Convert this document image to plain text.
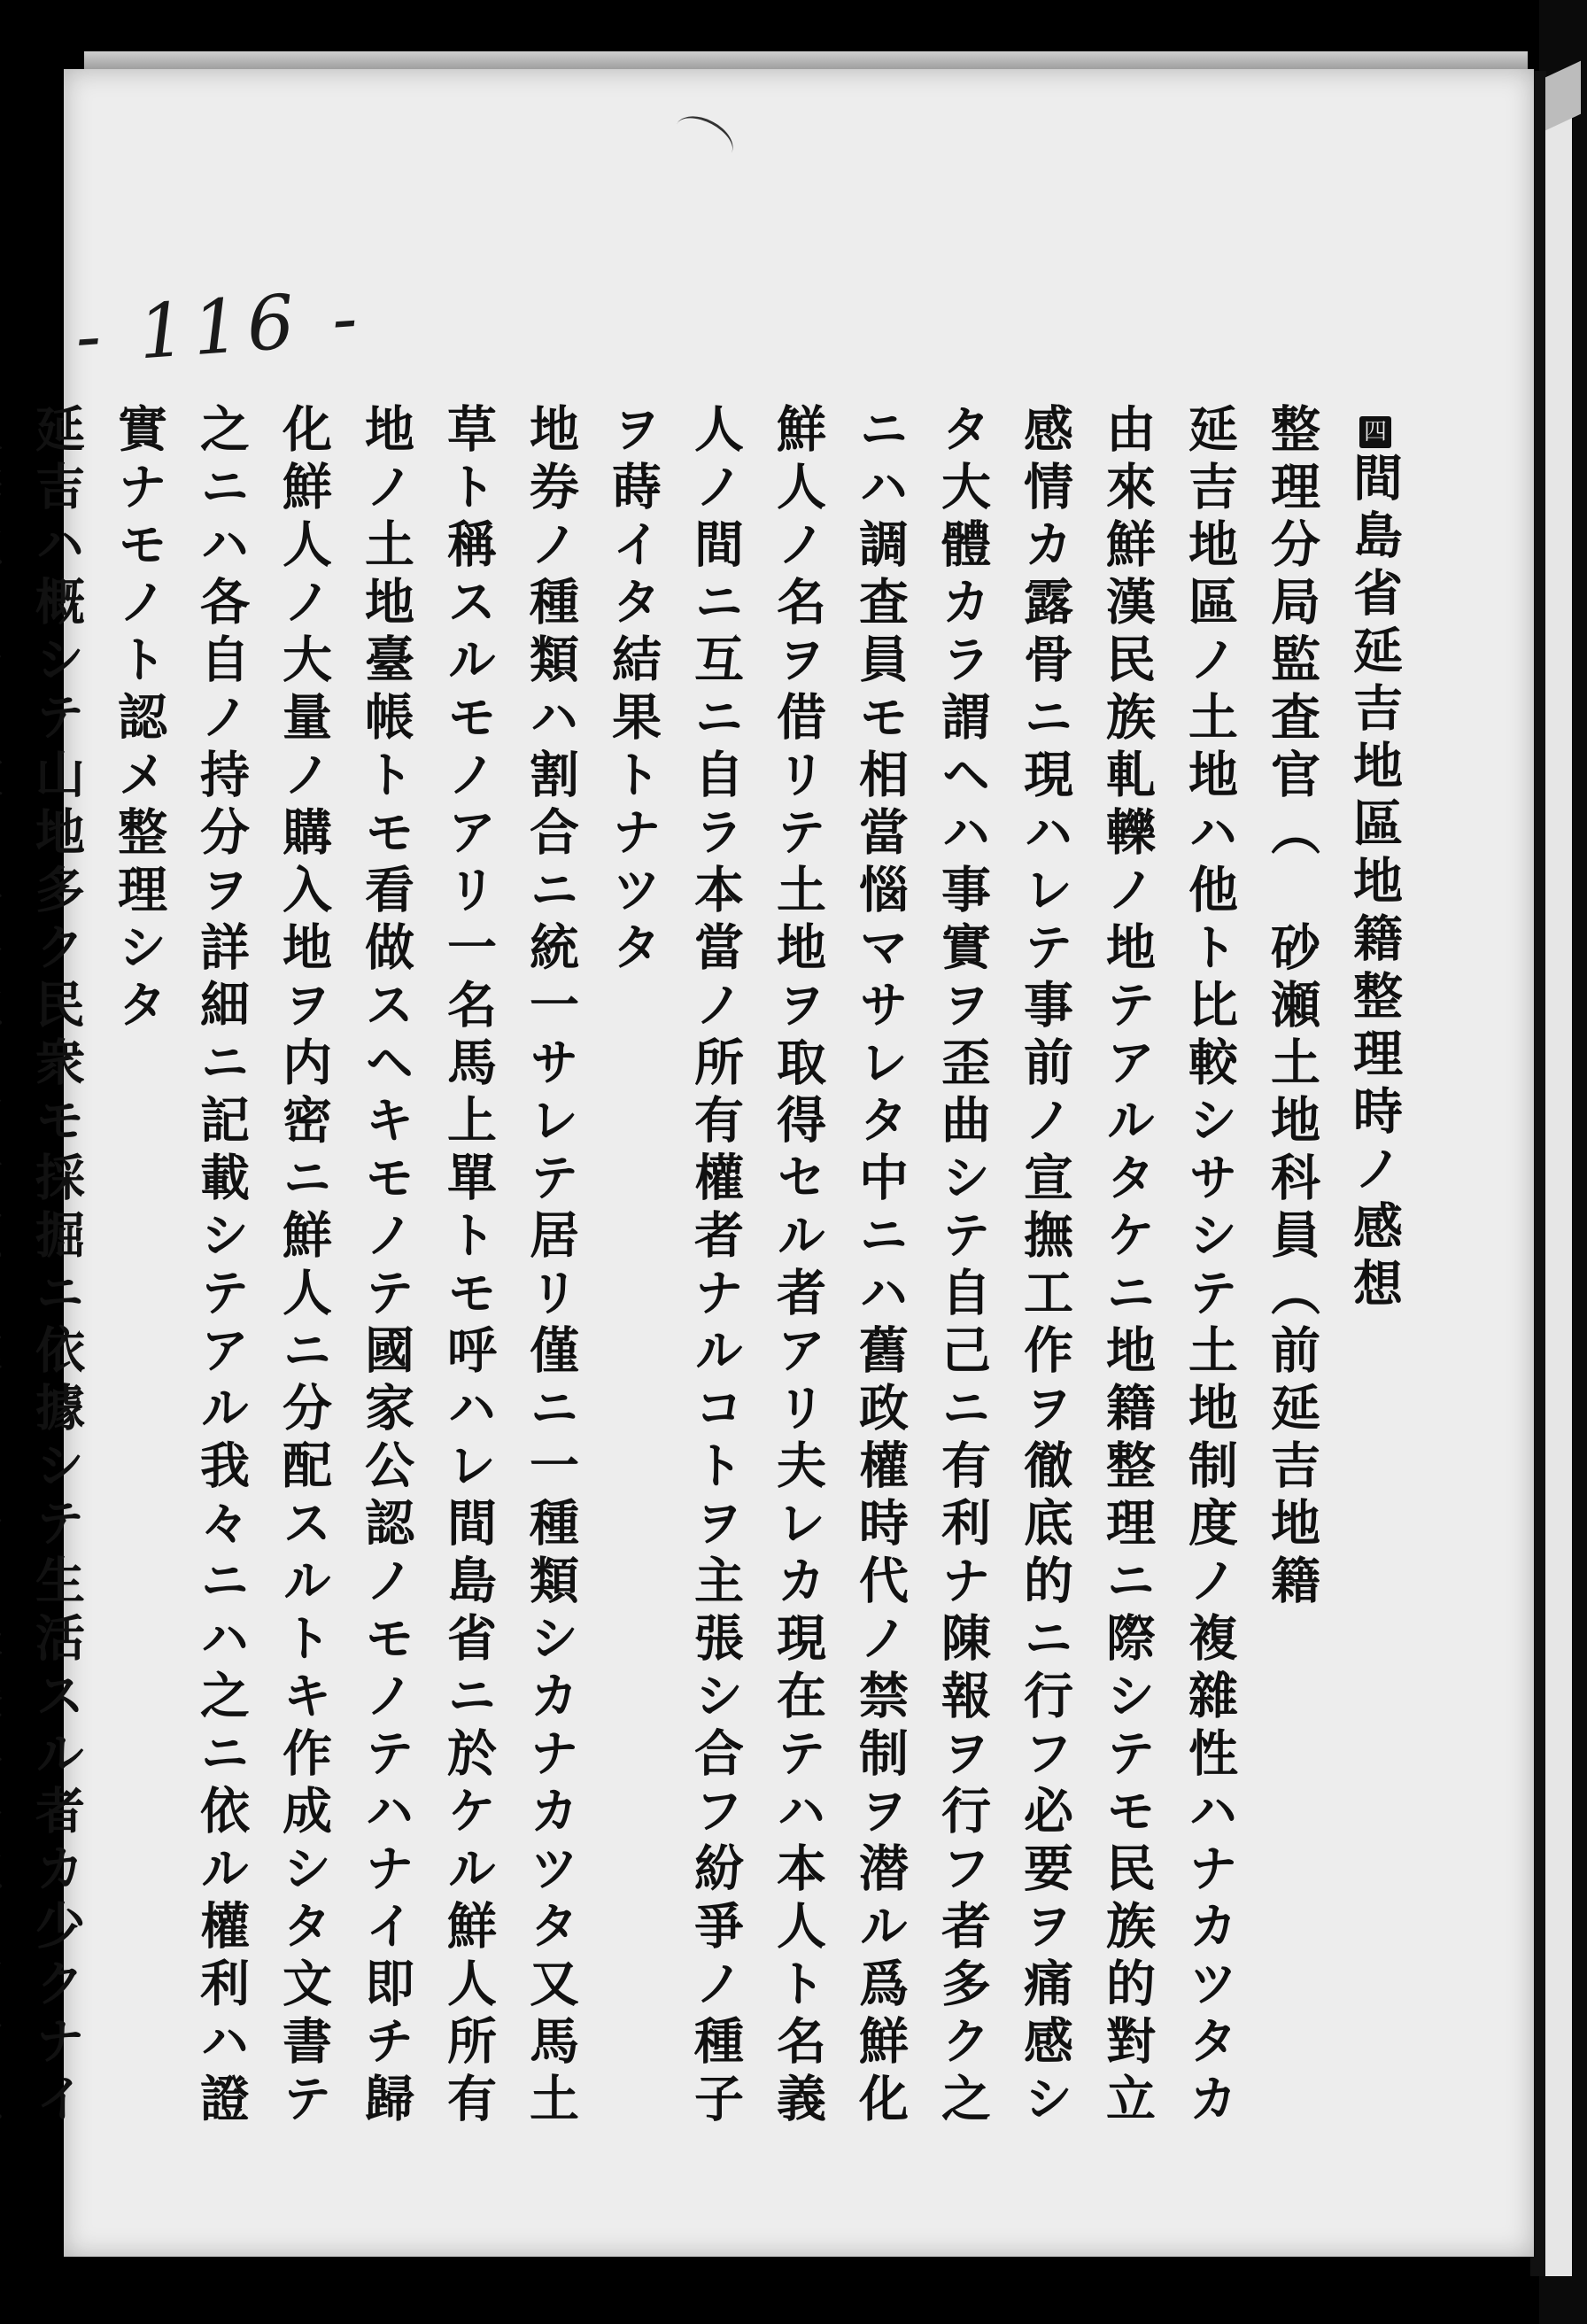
- 116 -
四

間島省延吉地區地籍整理時ノ感想

整理分局監査官（　砂瀬土地科員（前延吉地籍

延吉地區ノ土地ハ他ト比較シサシテ土地制度ノ複雜性ハナカツタカ

由來鮮漢民族軋轢ノ地テアルタケニ地籍整理ニ際シテモ民族的對立

感情カ露骨ニ現ハレテ事前ノ宣撫工作ヲ徹底的ニ行フ必要ヲ痛感シ

タ大體カラ謂ヘハ事實ヲ歪曲シテ自己ニ有利ナ陳報ヲ行フ者多ク之

ニハ調査員モ相當惱マサレタ中ニハ舊政權時代ノ禁制ヲ潜ル爲鮮化

鮮人ノ名ヲ借リテ土地ヲ取得セル者アリ夫レカ現在テハ本人ト名義

人ノ間ニ互ニ自ラ本當ノ所有權者ナルコトヲ主張シ合フ紛爭ノ種子

ヲ蒔イタ結果トナツタ

地券ノ種類ハ割合ニ統一サレテ居リ僅ニ一種類シカナカツタ又馬土

草ト稱スルモノアリ一名馬上單トモ呼ハレ間島省ニ於ケル鮮人所有

地ノ土地臺帳トモ看做スヘキモノテ國家公認ノモノテハナイ即チ歸

化鮮人ノ大量ノ購入地ヲ内密ニ鮮人ニ分配スルトキ作成シタ文書テ

之ニハ各自ノ持分ヲ詳細ニ記載シテアル我々ニハ之ニ依ル權利ハ證

實ナモノト認メ整理シタ

延吉ハ概シテ山地多ク民衆モ採掘ニ依據シテ生活スル者カ少クナイ
